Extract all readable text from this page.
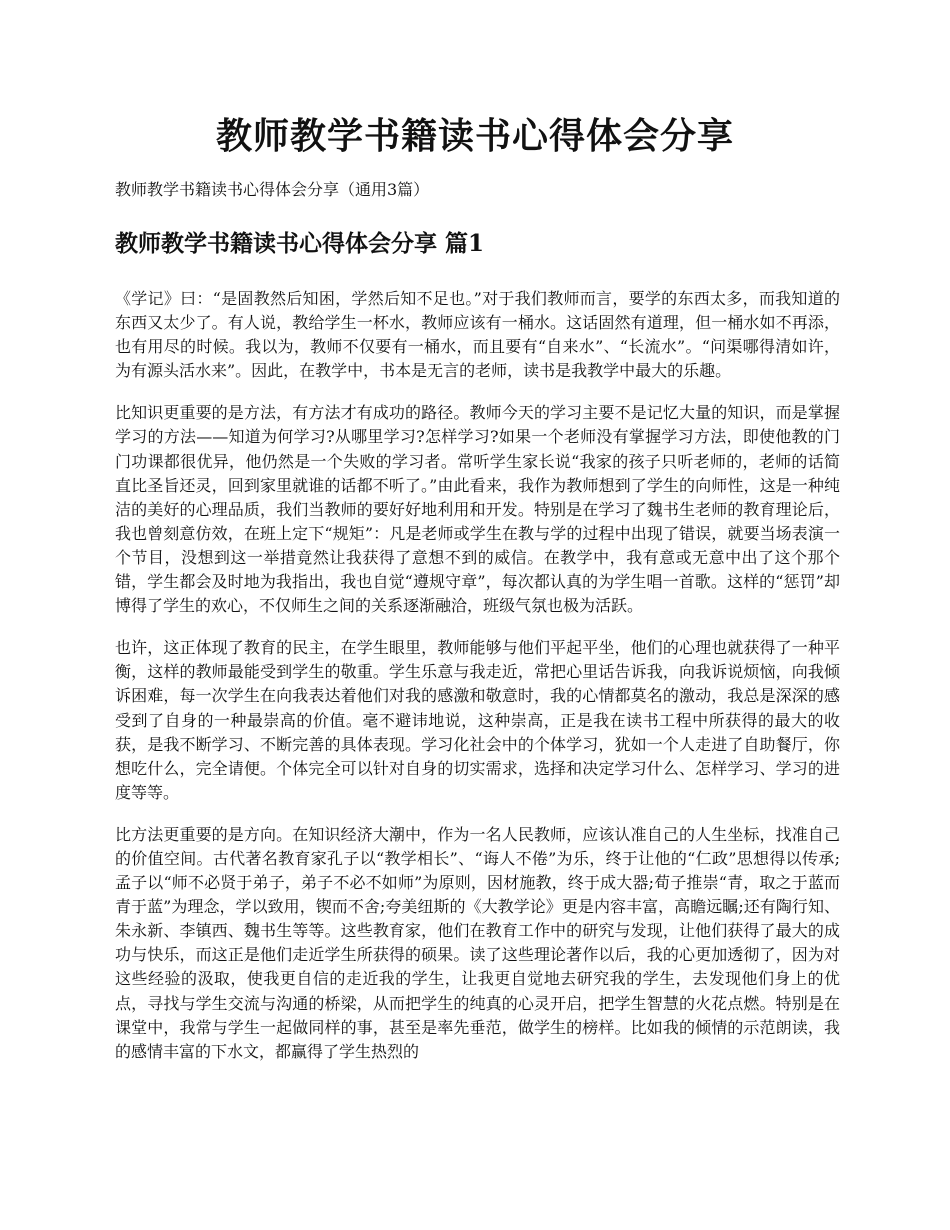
教师教学书籍读书心得体会分享

教师教学书籍读书心得体会分享（通用3篇）

教师教学书籍读书心得体会分享 篇1

《学记》曰：“是固教然后知困，学然后知不足也。”对于我们教师而言，要学的东西太多，而我知道的东西又太少了。有人说，教给学生一杯水，教师应该有一桶水。这话固然有道理，但一桶水如不再添，也有用尽的时候。我以为，教师不仅要有一桶水，而且要有“自来水”、“长流水”。“问渠哪得清如许，为有源头活水来”。因此，在教学中，书本是无言的老师，读书是我教学中最大的乐趣。

比知识更重要的是方法，有方法才有成功的路径。教师今天的学习主要不是记忆大量的知识，而是掌握学习的方法——知道为何学习?从哪里学习?怎样学习?如果一个老师没有掌握学习方法，即使他教的门门功课都很优异，他仍然是一个失败的学习者。常听学生家长说“我家的孩子只听老师的，老师的话简直比圣旨还灵，回到家里就谁的话都不听了。”由此看来，我作为教师想到了学生的向师性，这是一种纯洁的美好的心理品质，我们当教师的要好好地利用和开发。特别是在学习了魏书生老师的教育理论后，我也曾刻意仿效，在班上定下“规矩”：凡是老师或学生在教与学的过程中出现了错误，就要当场表演一个节目，没想到这一举措竟然让我获得了意想不到的威信。在教学中，我有意或无意中出了这个那个错，学生都会及时地为我指出，我也自觉“遵规守章”，每次都认真的为学生唱一首歌。这样的“惩罚”却博得了学生的欢心，不仅师生之间的关系逐渐融洽，班级气氛也极为活跃。

也许，这正体现了教育的民主，在学生眼里，教师能够与他们平起平坐，他们的心理也就获得了一种平衡，这样的教师最能受到学生的敬重。学生乐意与我走近，常把心里话告诉我，向我诉说烦恼，向我倾诉困难，每一次学生在向我表达着他们对我的感激和敬意时，我的心情都莫名的激动，我总是深深的感受到了自身的一种最崇高的价值。毫不避讳地说，这种崇高，正是我在读书工程中所获得的最大的收获，是我不断学习、不断完善的具体表现。学习化社会中的个体学习，犹如一个人走进了自助餐厅，你想吃什么，完全请便。个体完全可以针对自身的切实需求，选择和决定学习什么、怎样学习、学习的进度等等。

比方法更重要的是方向。在知识经济大潮中，作为一名人民教师，应该认准自己的人生坐标，找准自己的价值空间。古代著名教育家孔子以“教学相长”、“诲人不倦”为乐，终于让他的“仁政”思想得以传承;孟子以“师不必贤于弟子，弟子不必不如师”为原则，因材施教，终于成大器;荀子推崇“青，取之于蓝而青于蓝”为理念，学以致用，锲而不舍;夸美纽斯的《大教学论》更是内容丰富，高瞻远瞩;还有陶行知、朱永新、李镇西、魏书生等等。这些教育家，他们在教育工作中的研究与发现，让他们获得了最大的成功与快乐，而这正是他们走近学生所获得的硕果。读了这些理论著作以后，我的心更加透彻了，因为对这些经验的汲取，使我更自信的走近我的学生，让我更自觉地去研究我的学生，去发现他们身上的优点，寻找与学生交流与沟通的桥梁，从而把学生的纯真的心灵开启，把学生智慧的火花点燃。特别是在课堂中，我常与学生一起做同样的事，甚至是率先垂范，做学生的榜样。比如我的倾情的示范朗读，我的感情丰富的下水文，都赢得了学生热烈的
